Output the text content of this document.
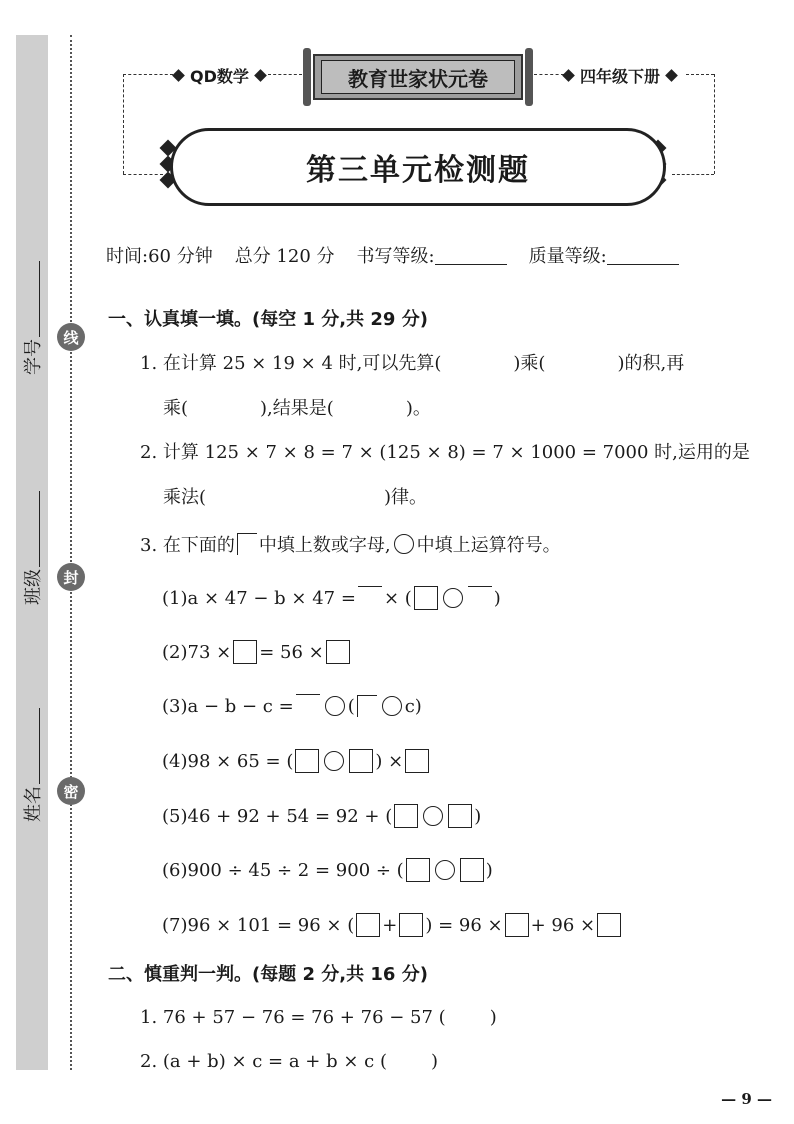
线
封
密
学号
班级
姓名
QD数学	四年级下册
教育世家状元卷
第三单元检测题
时间:60 分钟 总分 120 分 书写等级:	质量等级:
一、认真填一填。(每空 1 分,共 29 分)
1. 在计算 25 × 19 × 4 时,可以先算(	)乘(	)的积,再
乘(	),结果是(	)。
2. 计算 125 × 7 × 8 = 7 × (125 × 8) = 7 × 1000 = 7000 时,运用的是
乘法(	)律。
3. 在下面的 中填上数或字母, 中填上运算符号。
(1)a × 47 − b × 47 = × (	)
(2)73 × = 56 ×
(3)a − b − c =	(	c)
(4)98 × 65 = (	) ×
(5)46 + 92 + 54 = 92 + (	)
(6)900 ÷ 45 ÷ 2 = 900 ÷ (	)
(7)96 × 101 = 96 × ( + ) = 96 × + 96 ×
二、慎重判一判。(每题 2 分,共 16 分)
1. 76 + 57 − 76 = 76 + 76 − 57 ( )
2. (a + b) × c = a + b × c ( )
— 9 —
